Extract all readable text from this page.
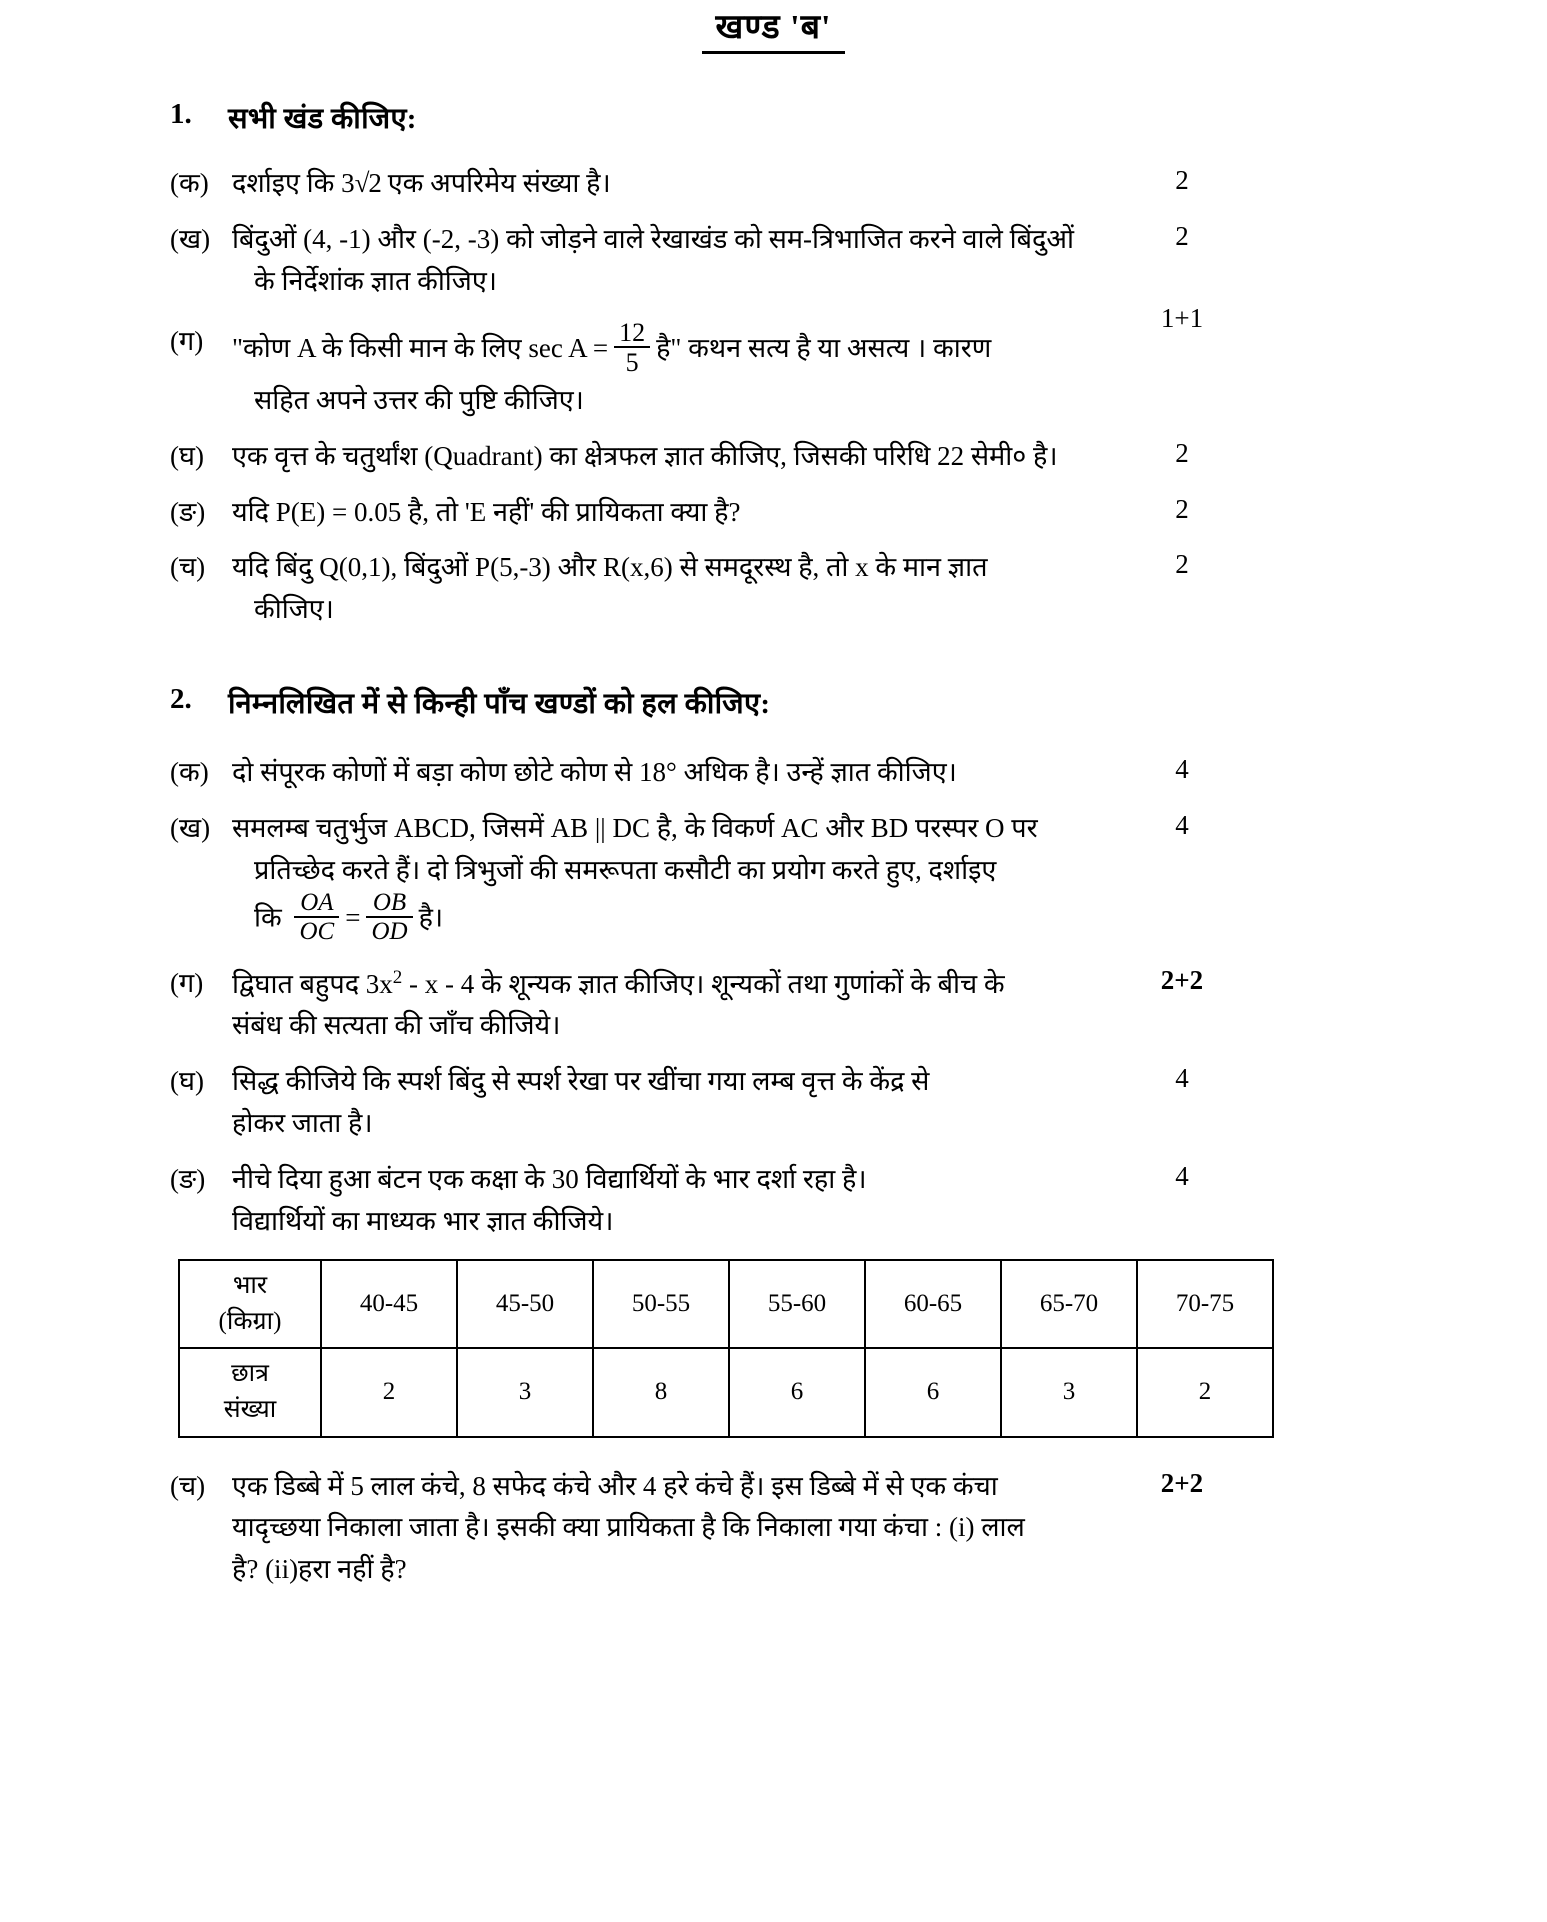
खण्ड 'ब'
1.	सभी खंड कीजिए:
(क) दर्शाइए कि 3√2 एक अपरिमेय संख्या है।	2
(ख) बिंदुओं (4, -1) और (-2, -3) को जोड़ने वाले रेखाखंड को सम-त्रिभाजित करने वाले बिंदुओं
के निर्देशांक ज्ञात कीजिए।
2
(ग)	"कोण A के किसी मान के लिए $\sec A = \frac{12}{5}$ है" कथन सत्य है या असत्य । कारण
सहित अपने उत्तर की पुष्टि कीजिए।
1+1
(घ)	एक वृत्त के चतुर्थांश (Quadrant) का क्षेत्रफल ज्ञात कीजिए, जिसकी परिधि 22 सेमी० है।	2
(ङ) यदि P(E) = 0.05 है, तो 'E नहीं' की प्रायिकता क्या है?	2
(च) यदि बिंदु Q(0,1), बिंदुओं P(5,-3) और R(x,6) से समदूरस्थ है, तो x के मान ज्ञात
कीजिए।
2
2.	निम्नलिखित में से किन्ही पाँच खण्डों को हल कीजिए:
(क) दो संपूरक कोणों में बड़ा कोण छोटे कोण से 18° अधिक है। उन्हें ज्ञात कीजिए।	4
(ख) समलम्ब चतुर्भुज ABCD, जिसमें AB || DC है, के विकर्ण AC और BD परस्पर O पर
प्रतिच्छेद करते हैं। दो त्रिभुजों की समरूपता कसौटी का प्रयोग करते हुए, दर्शाइए
कि $\frac{OA}{OC} = \frac{OB}{OD}$ है।
4
(ग)	द्विघात बहुपद $3x^2$ - x - 4 के शून्यक ज्ञात कीजिए। शून्यकों तथा गुणांकों के बीच के
संबंध की सत्यता की जाँच कीजिये।
2+2
(घ)	सिद्ध कीजिये कि स्पर्श बिंदु से स्पर्श रेखा पर खींचा गया लम्ब वृत्त के केंद्र से
होकर जाता है।
4
(ङ) नीचे दिया हुआ बंटन एक कक्षा के 30 विद्यार्थियों के भार दर्शा रहा है।
विद्यार्थियों का माध्यक भार ज्ञात कीजिये।
4
भार
(किग्रा)	40-45	45-50	50-55	55-60	60-65	65-70	70-75
छात्र
संख्या	2	3	8	6	6	3	2
(च) एक डिब्बे में 5 लाल कंचे, 8 सफेद कंचे और 4 हरे कंचे हैं। इस डिब्बे में से एक कंचा
यादृच्छया निकाला जाता है। इसकी क्या प्रायिकता है कि निकाला गया कंचा : (i) लाल
है? (ii)हरा नहीं है?
2+2
